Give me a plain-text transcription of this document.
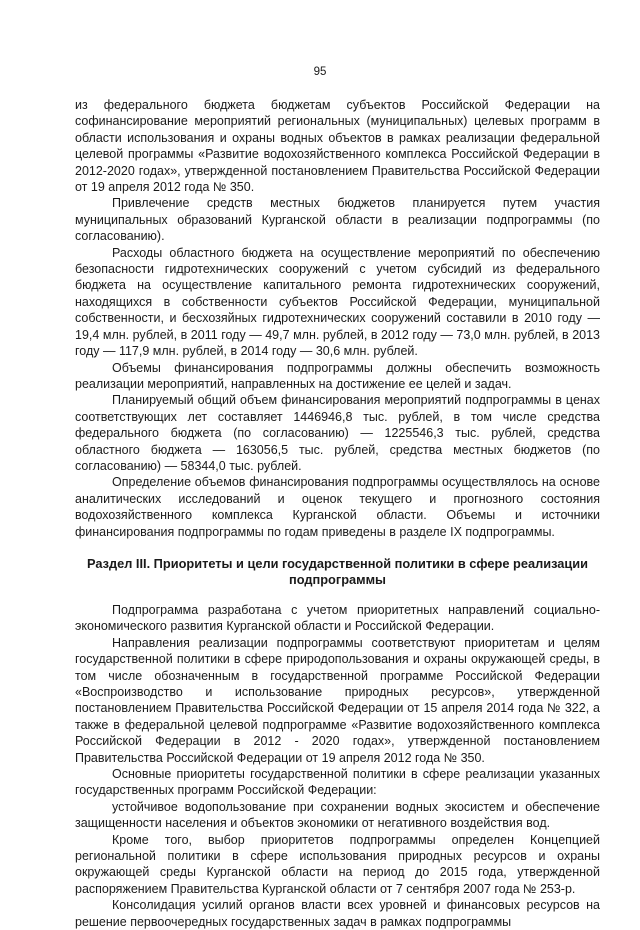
95

из федерального бюджета бюджетам субъектов Российской Федерации на софинансирование мероприятий региональных (муниципальных) целевых программ в области использования и охраны водных объектов в рамках реализации федеральной целевой программы «Развитие водохозяйственного комплекса Российской Федерации в 2012-2020 годах», утвержденной постановлением Правительства Российской Федерации от 19 апреля 2012 года № 350.

Привлечение средств местных бюджетов планируется путем участия муниципальных образований Курганской области в реализации подпрограммы (по согласованию).

Расходы областного бюджета на осуществление мероприятий по обеспечению безопасности гидротехнических сооружений с учетом субсидий из федерального бюджета на осуществление капитального ремонта гидротехнических сооружений, находящихся в собственности субъектов Российской Федерации, муниципальной собственности, и бесхозяйных гидротехнических сооружений составили в 2010 году — 19,4 млн. рублей, в 2011 году — 49,7 млн. рублей, в 2012 году — 73,0 млн. рублей, в 2013 году — 117,9 млн. рублей, в 2014 году — 30,6 млн. рублей.

Объемы финансирования подпрограммы должны обеспечить возможность реализации мероприятий, направленных на достижение ее целей и задач.

Планируемый общий объем финансирования мероприятий подпрограммы в ценах соответствующих лет составляет 1446946,8 тыс. рублей, в том числе средства федерального бюджета (по согласованию) — 1225546,3 тыс. рублей, средства областного бюджета — 163056,5 тыс. рублей, средства местных бюджетов (по согласованию) — 58344,0 тыс. рублей.

Определение объемов финансирования подпрограммы осуществлялось на основе аналитических исследований и оценок текущего и прогнозного состояния водохозяйственного комплекса Курганской области. Объемы и источники финансирования подпрограммы по годам приведены в разделе IX подпрограммы.

Раздел III. Приоритеты и цели государственной политики в сфере реализации подпрограммы

Подпрограмма разработана с учетом приоритетных направлений социально-экономического развития Курганской области и Российской Федерации.

Направления реализации подпрограммы соответствуют приоритетам и целям государственной политики в сфере природопользования и охраны окружающей среды, в том числе обозначенным в государственной программе Российской Федерации «Воспроизводство и использование природных ресурсов», утвержденной постановлением Правительства Российской Федерации от 15 апреля 2014 года № 322, а также в федеральной целевой подпрограмме «Развитие водохозяйственного комплекса Российской Федерации в 2012 - 2020 годах», утвержденной постановлением Правительства Российской Федерации от 19 апреля 2012 года № 350.

Основные приоритеты государственной политики в сфере реализации указанных государственных программ Российской Федерации:

устойчивое водопользование при сохранении водных экосистем и обеспечение защищенности населения и объектов экономики от негативного воздействия вод.

Кроме того, выбор приоритетов подпрограммы определен Концепцией региональной политики в сфере использования природных ресурсов и охраны окружающей среды Курганской области на период до 2015 года, утвержденной распоряжением Правительства Курганской области от 7 сентября 2007 года № 253-р.

Консолидация усилий органов власти всех уровней и финансовых ресурсов на решение первоочередных государственных задач в рамках подпрограммы
